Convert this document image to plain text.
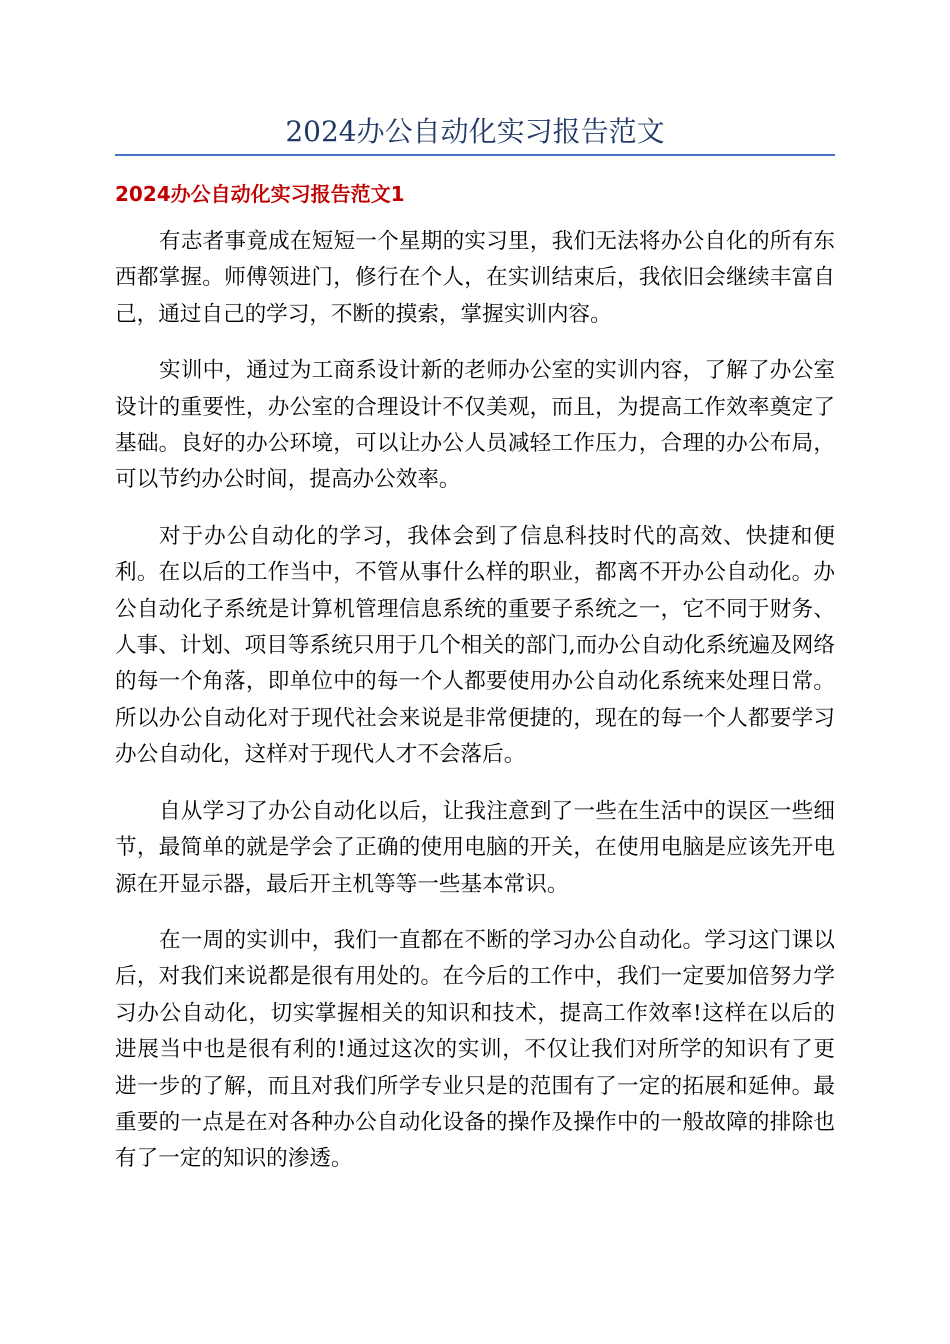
2024办公自动化实习报告范文
2024办公自动化实习报告范文1

有志者事竟成在短短一个星期的实习里，我们无法将办公自化的所有东西都掌握。师傅领进门，修行在个人，在实训结束后，我依旧会继续丰富自己，通过自己的学习，不断的摸索，掌握实训内容。

实训中，通过为工商系设计新的老师办公室的实训内容，了解了办公室设计的重要性，办公室的合理设计不仅美观，而且，为提高工作效率奠定了基础。良好的办公环境，可以让办公人员减轻工作压力，合理的办公布局，可以节约办公时间，提高办公效率。

对于办公自动化的学习，我体会到了信息科技时代的高效、快捷和便利。在以后的工作当中，不管从事什么样的职业，都离不开办公自动化。办公自动化子系统是计算机管理信息系统的重要子系统之一，它不同于财务、人事、计划、项目等系统只用于几个相关的部门,而办公自动化系统遍及网络的每一个角落，即单位中的每一个人都要使用办公自动化系统来处理日常。所以办公自动化对于现代社会来说是非常便捷的，现在的每一个人都要学习办公自动化，这样对于现代人才不会落后。

自从学习了办公自动化以后，让我注意到了一些在生活中的误区一些细节，最简单的就是学会了正确的使用电脑的开关，在使用电脑是应该先开电源在开显示器，最后开主机等等一些基本常识。

在一周的实训中，我们一直都在不断的学习办公自动化。学习这门课以后，对我们来说都是很有用处的。在今后的工作中，我们一定要加倍努力学习办公自动化，切实掌握相关的知识和技术，提高工作效率!这样在以后的进展当中也是很有利的!通过这次的实训，不仅让我们对所学的知识有了更进一步的了解，而且对我们所学专业只是的范围有了一定的拓展和延伸。最重要的一点是在对各种办公自动化设备的操作及操作中的一般故障的排除也有了一定的知识的渗透。
